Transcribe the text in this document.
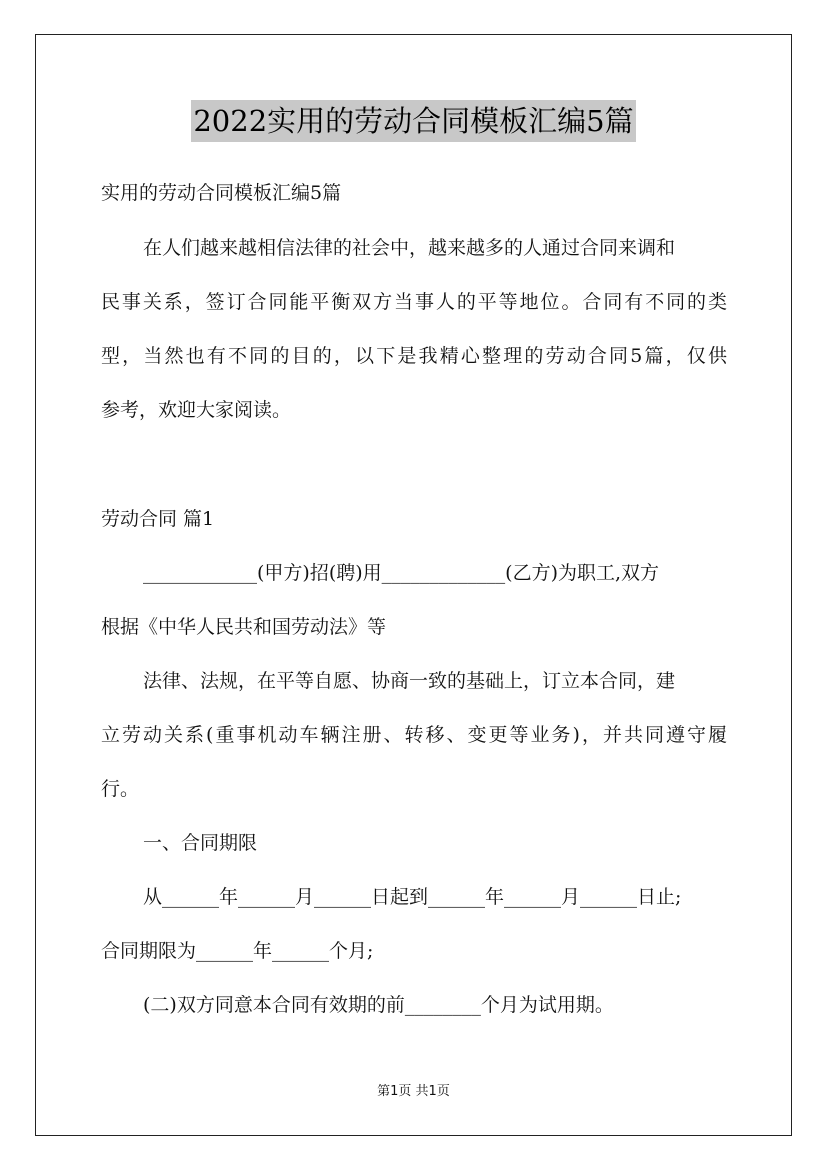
2022实用的劳动合同模板汇编5篇
实用的劳动合同模板汇编5篇
在人们越来越相信法律的社会中，越来越多的人通过合同来调和
民事关系，签订合同能平衡双方当事人的平等地位。合同有不同的类
型，当然也有不同的目的，以下是我精心整理的劳动合同5篇，仅供
参考，欢迎大家阅读。
劳动合同 篇1
____________(甲方)招(聘)用_____________(乙方)为职工,双方
根据《中华人民共和国劳动法》等
法律、法规，在平等自愿、协商一致的基础上，订立本合同，建
立劳动关系(重事机动车辆注册、转移、变更等业务)，并共同遵守履
行。
一、合同期限
从______年______月______日起到______年______月______日止;
合同期限为______年______个月;
(二)双方同意本合同有效期的前________个月为试用期。
第1页 共1页
